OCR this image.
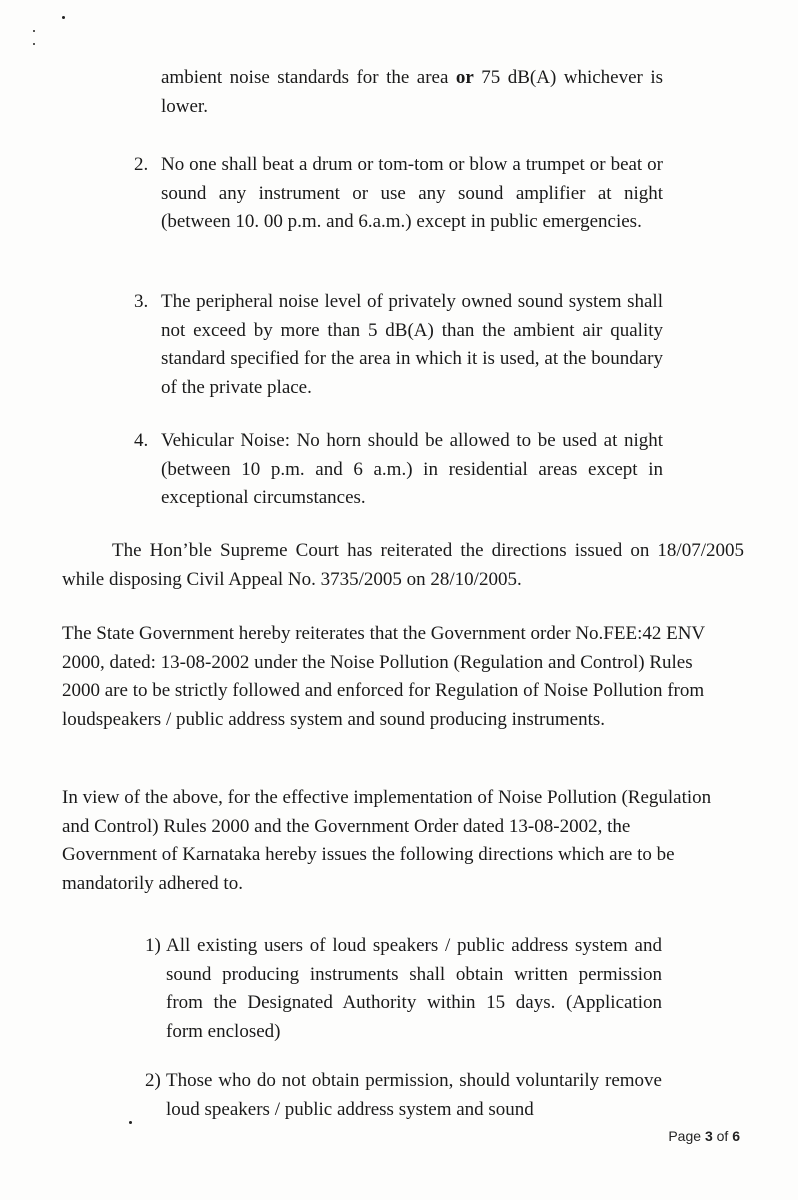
ambient noise standards for the area or 75 dB(A) whichever is lower.
2. No one shall beat a drum or tom-tom or blow a trumpet or beat or sound any instrument or use any sound amplifier at night (between 10. 00 p.m. and 6.a.m.) except in public emergencies.
3. The peripheral noise level of privately owned sound system shall not exceed by more than 5 dB(A) than the ambient air quality standard specified for the area in which it is used, at the boundary of the private place.
4. Vehicular Noise: No horn should be allowed to be used at night (between 10 p.m. and 6 a.m.) in residential areas except in exceptional circumstances.
The Hon’ble Supreme Court has reiterated the directions issued on 18/07/2005 while disposing Civil Appeal No. 3735/2005 on 28/10/2005.
The State Government hereby reiterates that the Government order No.FEE:42 ENV 2000, dated: 13-08-2002 under the Noise Pollution (Regulation and Control) Rules 2000 are to be strictly followed and enforced for Regulation of Noise Pollution from loudspeakers / public address system and sound producing instruments.
In view of the above, for the effective implementation of Noise Pollution (Regulation and Control) Rules 2000 and the Government Order dated 13-08-2002, the Government of Karnataka hereby issues the following directions which are to be mandatorily adhered to.
1) All existing users of loud speakers / public address system and sound producing instruments shall obtain written permission from the Designated Authority within 15 days. (Application form enclosed)
2) Those who do not obtain permission, should voluntarily remove loud speakers / public address system and sound
Page 3 of 6
